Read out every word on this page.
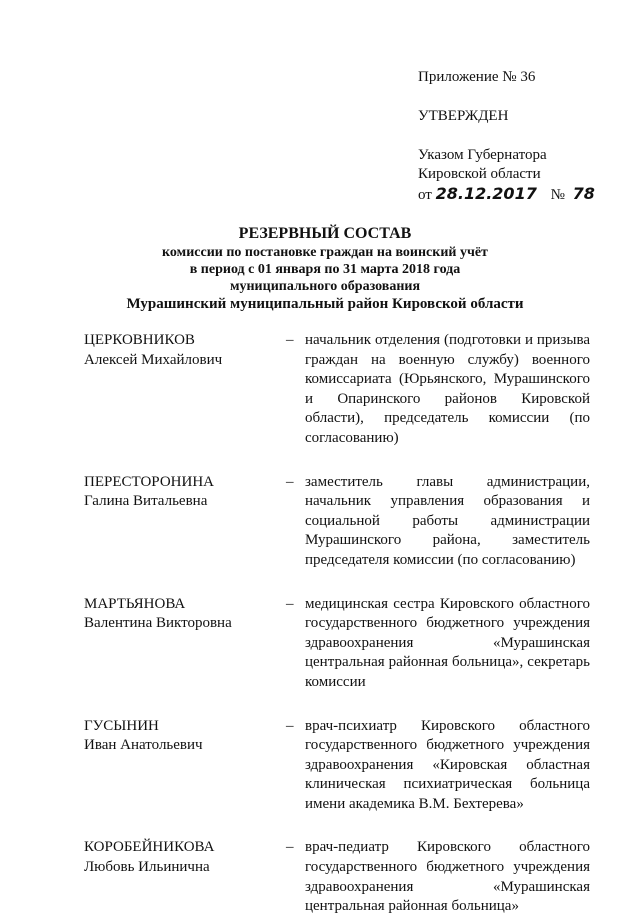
Приложение № 36
УТВЕРЖДЕН
Указом Губернатора
Кировской области
от 28.12.2017 № 78
РЕЗЕРВНЫЙ СОСТАВ
комиссии по постановке граждан на воинский учёт
в период с 01 января по 31 марта 2018 года
муниципального образования
Мурашинский муниципальный район Кировской области
ЦЕРКОВНИКОВ
Алексей Михайлович
– начальник отделения (подготовки и призыва граждан на военную службу) военного комиссариата (Юрьянского, Мурашинского и Опаринского районов Кировской области), председатель комиссии (по согласованию)
ПЕРЕСТОРОНИНА
Галина Витальевна
– заместитель главы администрации, начальник управления образования и социальной работы администрации Мурашинского района, заместитель председателя комиссии (по согласованию)
МАРТЬЯНОВА
Валентина Викторовна
– медицинская сестра Кировского областного государственного бюджетного учреждения здравоохранения «Мурашинская центральная районная больница», секретарь комиссии
ГУСЫНИН
Иван Анатольевич
– врач-психиатр Кировского областного государственного бюджетного учреждения здравоохранения «Кировская областная клиническая психиатрическая больница имени академика В.М. Бехтерева»
КОРОБЕЙНИКОВА
Любовь Ильинична
– врач-педиатр Кировского областного государственного бюджетного учреждения здравоохранения «Мурашинская центральная районная больница»
